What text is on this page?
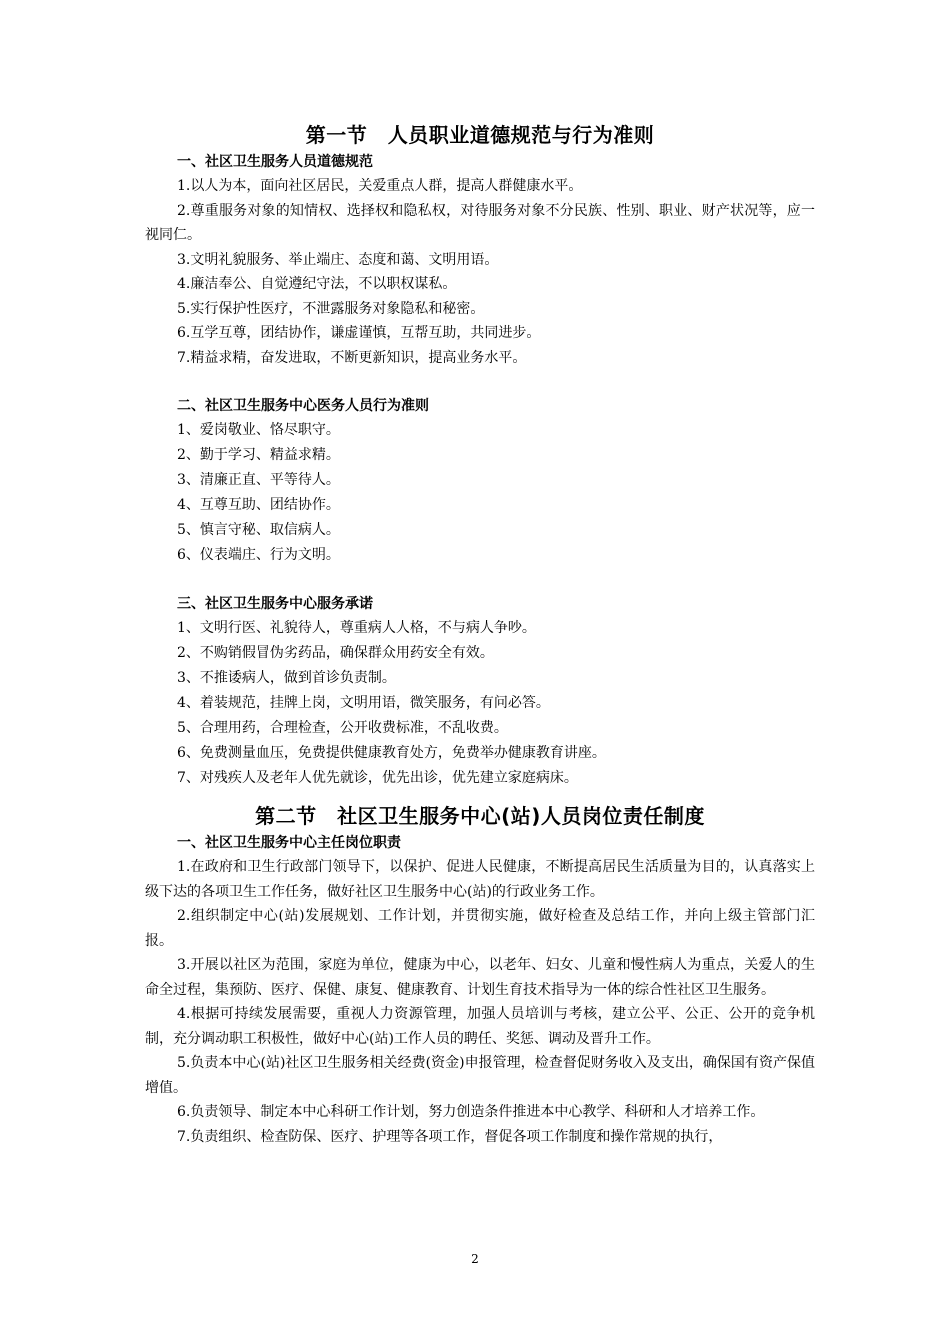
第一节　人员职业道德规范与行为准则
一、社区卫生服务人员道德规范

1.以人为本，面向社区居民，关爱重点人群，提高人群健康水平。

2.尊重服务对象的知情权、选择权和隐私权，对待服务对象不分民族、性别、职业、财产状况等，应一视同仁。

3.文明礼貌服务、举止端庄、态度和蔼、文明用语。

4.廉洁奉公、自觉遵纪守法，不以职权谋私。

5.实行保护性医疗，不泄露服务对象隐私和秘密。

6.互学互尊，团结协作，谦虚谨慎，互帮互助，共同进步。

7.精益求精，奋发进取，不断更新知识，提高业务水平。

二、社区卫生服务中心医务人员行为准则

1、爱岗敬业、恪尽职守。

2、勤于学习、精益求精。

3、清廉正直、平等待人。

4、互尊互助、团结协作。

5、慎言守秘、取信病人。

6、仪表端庄、行为文明。

三、社区卫生服务中心服务承诺

1、文明行医、礼貌待人，尊重病人人格，不与病人争吵。

2、不购销假冒伪劣药品，确保群众用药安全有效。

3、不推诿病人，做到首诊负责制。

4、着装规范，挂牌上岗，文明用语，微笑服务，有问必答。

5、合理用药，合理检查，公开收费标准，不乱收费。

6、免费测量血压，免费提供健康教育处方，免费举办健康教育讲座。

7、对残疾人及老年人优先就诊，优先出诊，优先建立家庭病床。

第二节　社区卫生服务中心(站)人员岗位责任制度
一、社区卫生服务中心主任岗位职责

1.在政府和卫生行政部门领导下，以保护、促进人民健康，不断提高居民生活质量为目的，认真落实上级下达的各项卫生工作任务，做好社区卫生服务中心(站)的行政业务工作。

2.组织制定中心(站)发展规划、工作计划，并贯彻实施，做好检查及总结工作，并向上级主管部门汇报。

3.开展以社区为范围，家庭为单位，健康为中心，以老年、妇女、儿童和慢性病人为重点，关爱人的生命全过程，集预防、医疗、保健、康复、健康教育、计划生育技术指导为一体的综合性社区卫生服务。

4.根据可持续发展需要，重视人力资源管理，加强人员培训与考核，建立公平、公正、公开的竞争机制，充分调动职工积极性，做好中心(站)工作人员的聘任、奖惩、调动及晋升工作。

5.负责本中心(站)社区卫生服务相关经费(资金)申报管理，检查督促财务收入及支出，确保国有资产保值增值。

6.负责领导、制定本中心科研工作计划，努力创造条件推进本中心教学、科研和人才培养工作。

7.负责组织、检查防保、医疗、护理等各项工作，督促各项工作制度和操作常规的执行，

2
